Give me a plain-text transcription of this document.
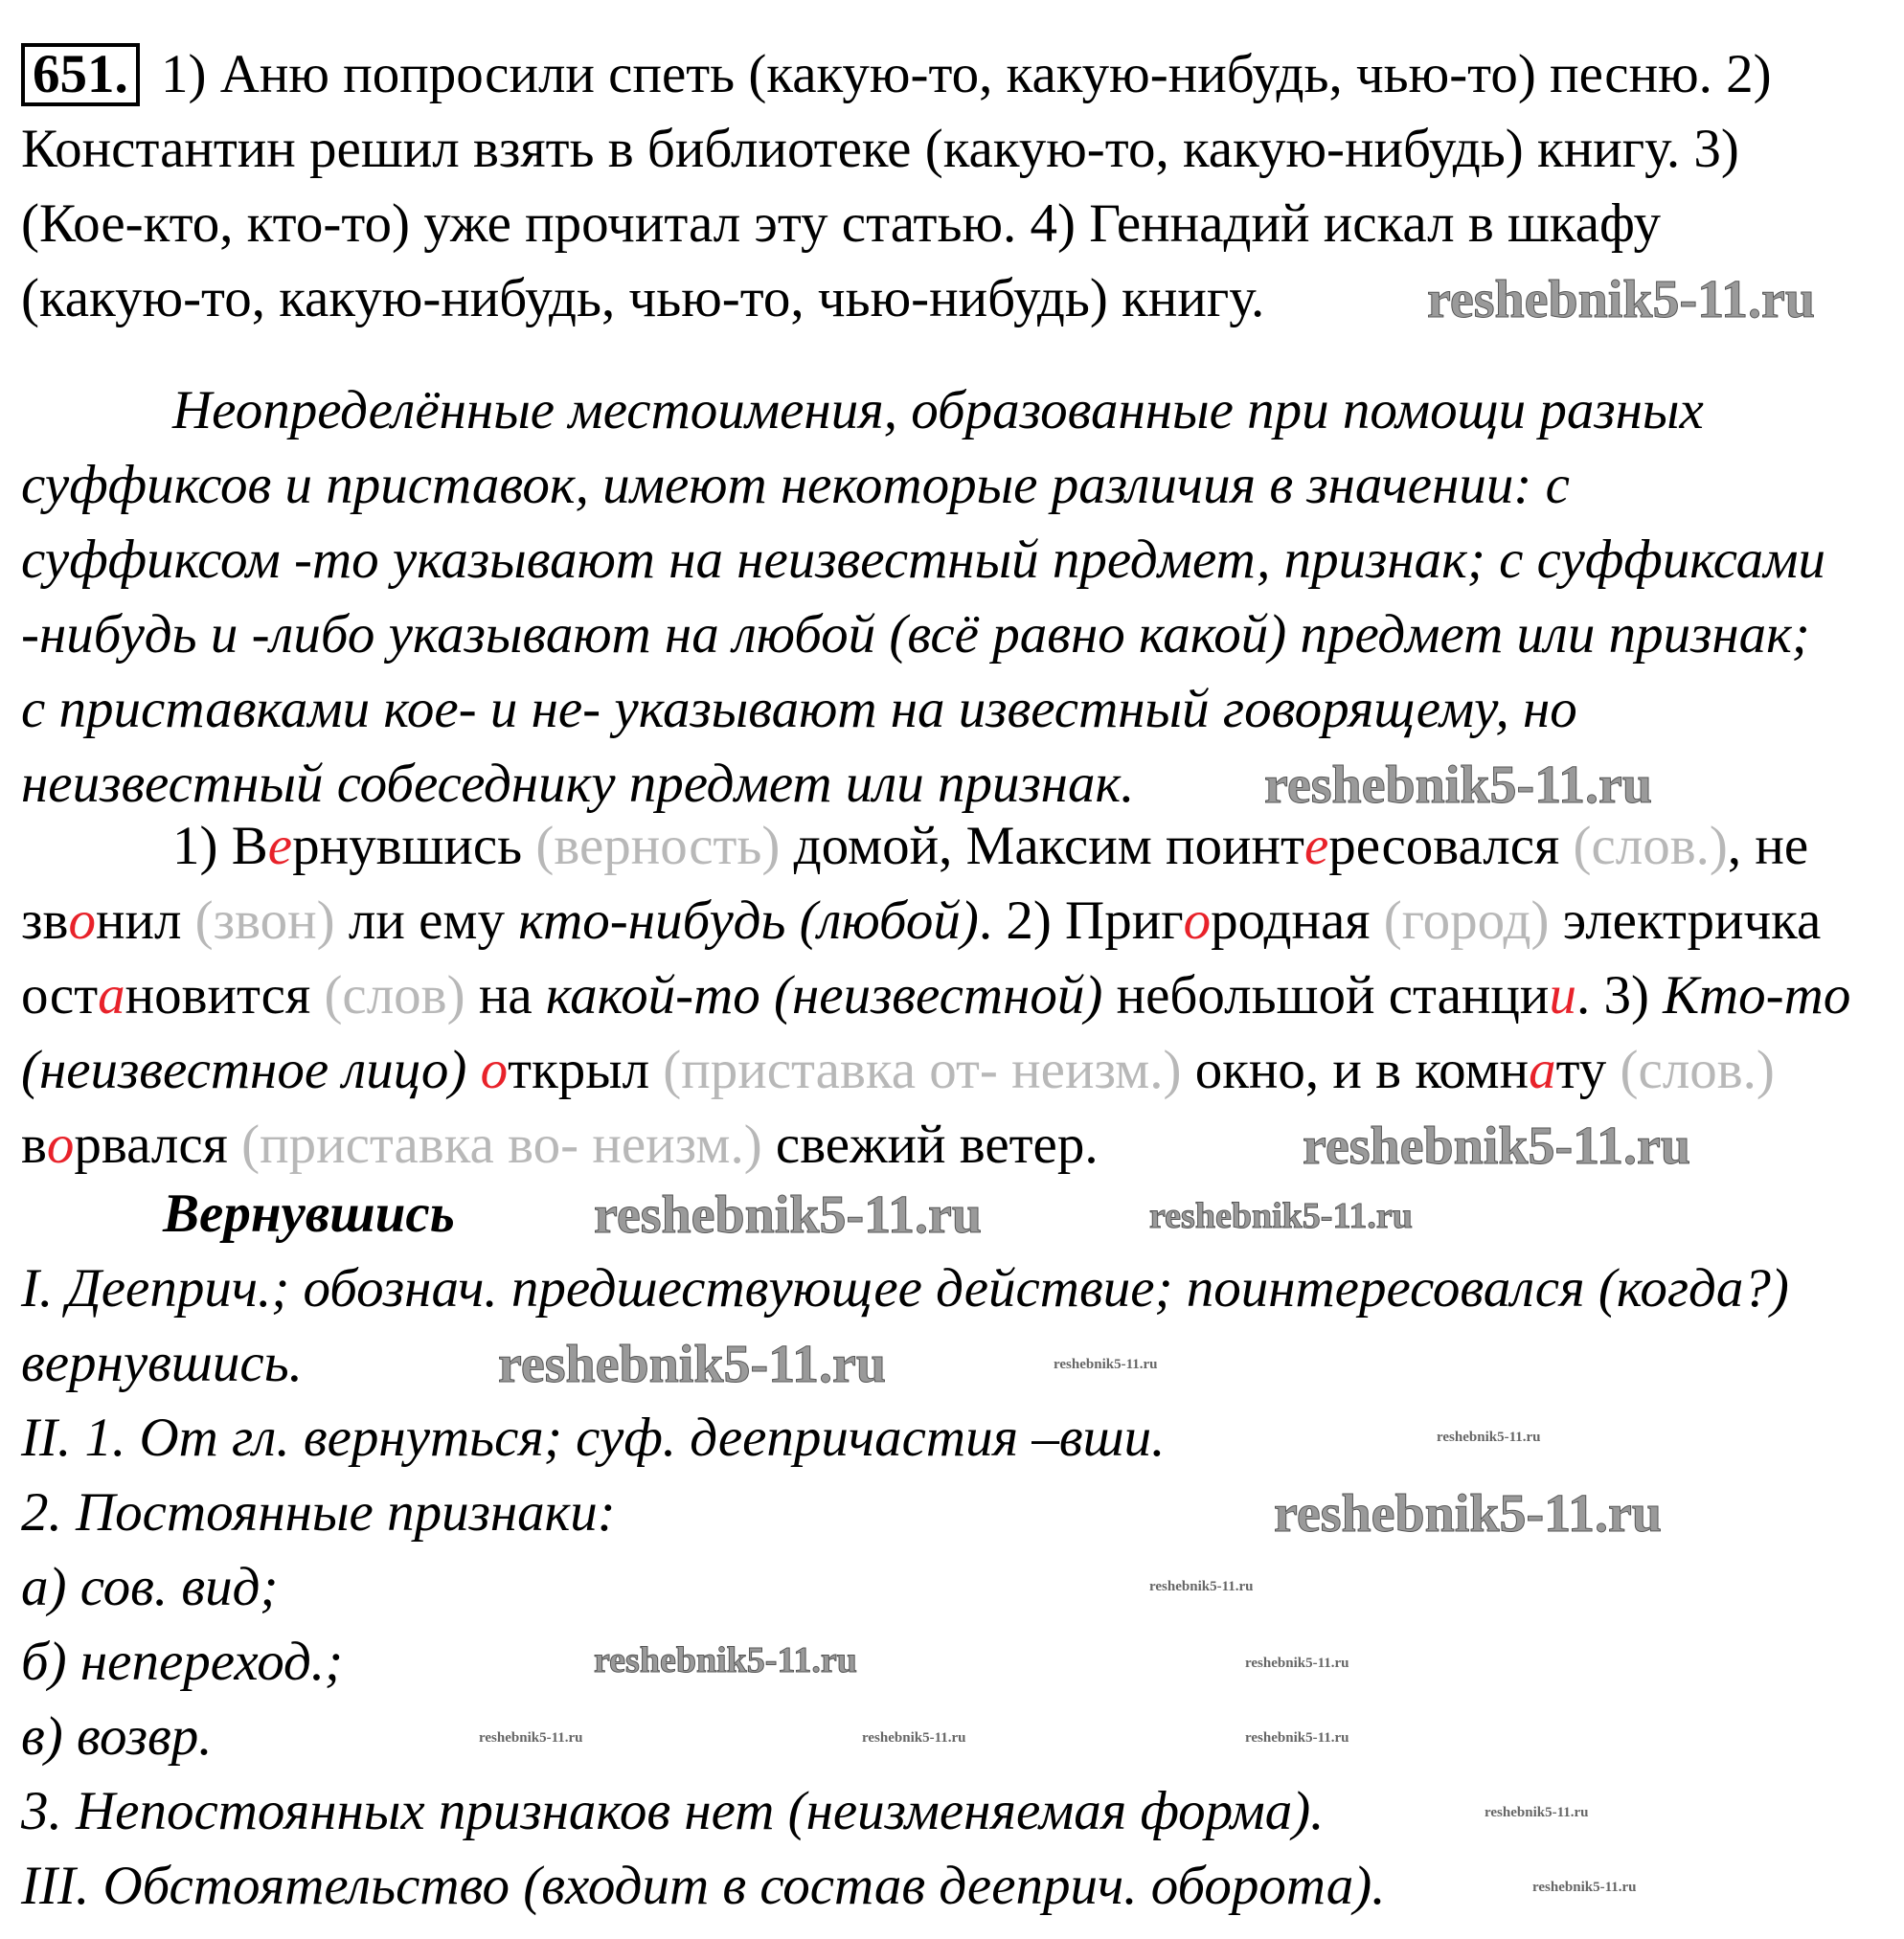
651. 1) Аню попросили спеть (какую-то, какую-нибудь, чью-то) песню. 2)
Константин решил взять в библиотеке (какую-то, какую-нибудь) книгу. 3)
(Кое-кто, кто-то) уже прочитал эту статью. 4) Геннадий искал в шкафу
(какую-то, какую-нибудь, чью-то, чью-нибудь) книгу.
Неопределённые местоимения, образованные при помощи разных
суффиксов и приставок, имеют некоторые различия в значении: с
суффиксом -то указывают на неизвестный предмет, признак; с суффиксами
-нибудь и -либо указывают на любой (всё равно какой) предмет или признак;
с приставками кое- и не- указывают на известный говорящему, но
неизвестный собеседнику предмет или признак.
1) Вернувшись (верность) домой, Максим поинтересовался (слов.), не
звонил (звон) ли ему кто-нибудь (любой). 2) Пригородная (город) электричка
остановится (слов) на какой-то (неизвестной) небольшой станции. 3) Кто-то
(неизвестное лицо) открыл (приставка от- неизм.) окно, и в комнату (слов.)
ворвался (приставка во- неизм.) свежий ветер.
Вернувшись
I. Дееприч.; обознач. предшествующее действие; поинтересовался (когда?)
вернувшись.
II. 1. От гл. вернуться; суф. деепричастия –вши.
2. Постоянные признаки:
а) сов. вид;
б) непереход.;
в) возвр.
3. Непостоянных признаков нет (неизменяемая форма).
III. Обстоятельство (входит в состав дееприч. оборота).
reshebnik5-11.ru
reshebnik5-11.ru
reshebnik5-11.ru
reshebnik5-11.ru
reshebnik5-11.ru
reshebnik5-11.ru
reshebnik5-11.ru
reshebnik5-11.ru
reshebnik5-11.ru
reshebnik5-11.ru
reshebnik5-11.ru
reshebnik5-11.ru
reshebnik5-11.ru	reshebnik5-11.ru	reshebnik5-11.ru
reshebnik5-11.ru
reshebnik5-11.ru
